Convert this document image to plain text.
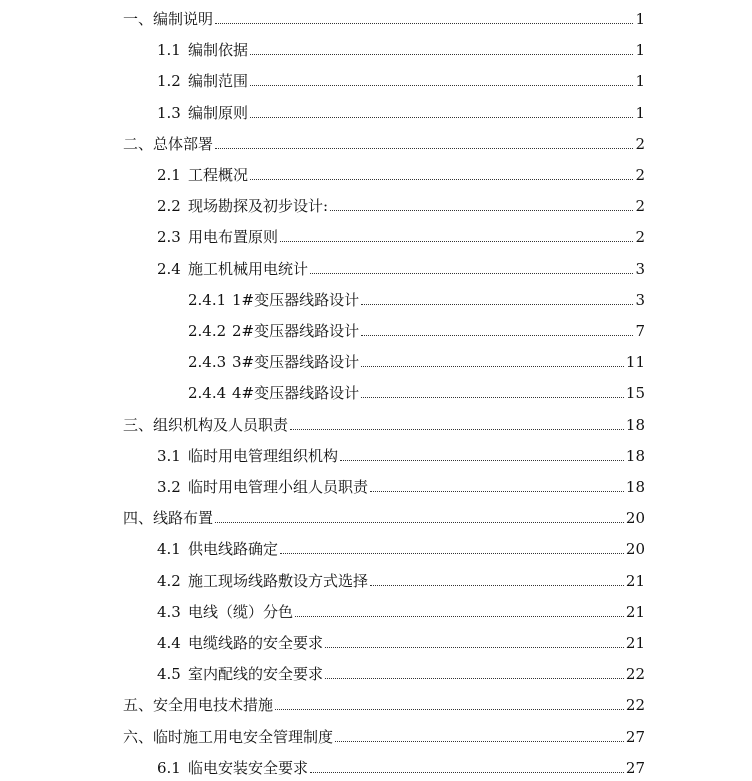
一、编制说明	1
1.1 编制依据	1
1.2 编制范围	1
1.3 编制原则	1
二、总体部署	2
2.1 工程概况	2
2.2 现场勘探及初步设计:	2
2.3 用电布置原则	2
2.4 施工机械用电统计	3
2.4.1 1#变压器线路设计	3
2.4.2 2#变压器线路设计	7
2.4.3 3#变压器线路设计	11
2.4.4 4#变压器线路设计	15
三、组织机构及人员职责	18
3.1 临时用电管理组织机构	18
3.2 临时用电管理小组人员职责	18
四、线路布置	20
4.1 供电线路确定	20
4.2 施工现场线路敷设方式选择	21
4.3 电线（缆）分色	21
4.4 电缆线路的安全要求	21
4.5 室内配线的安全要求	22
五、安全用电技术措施	22
六、临时施工用电安全管理制度	27
6.1 临电安装安全要求	27
